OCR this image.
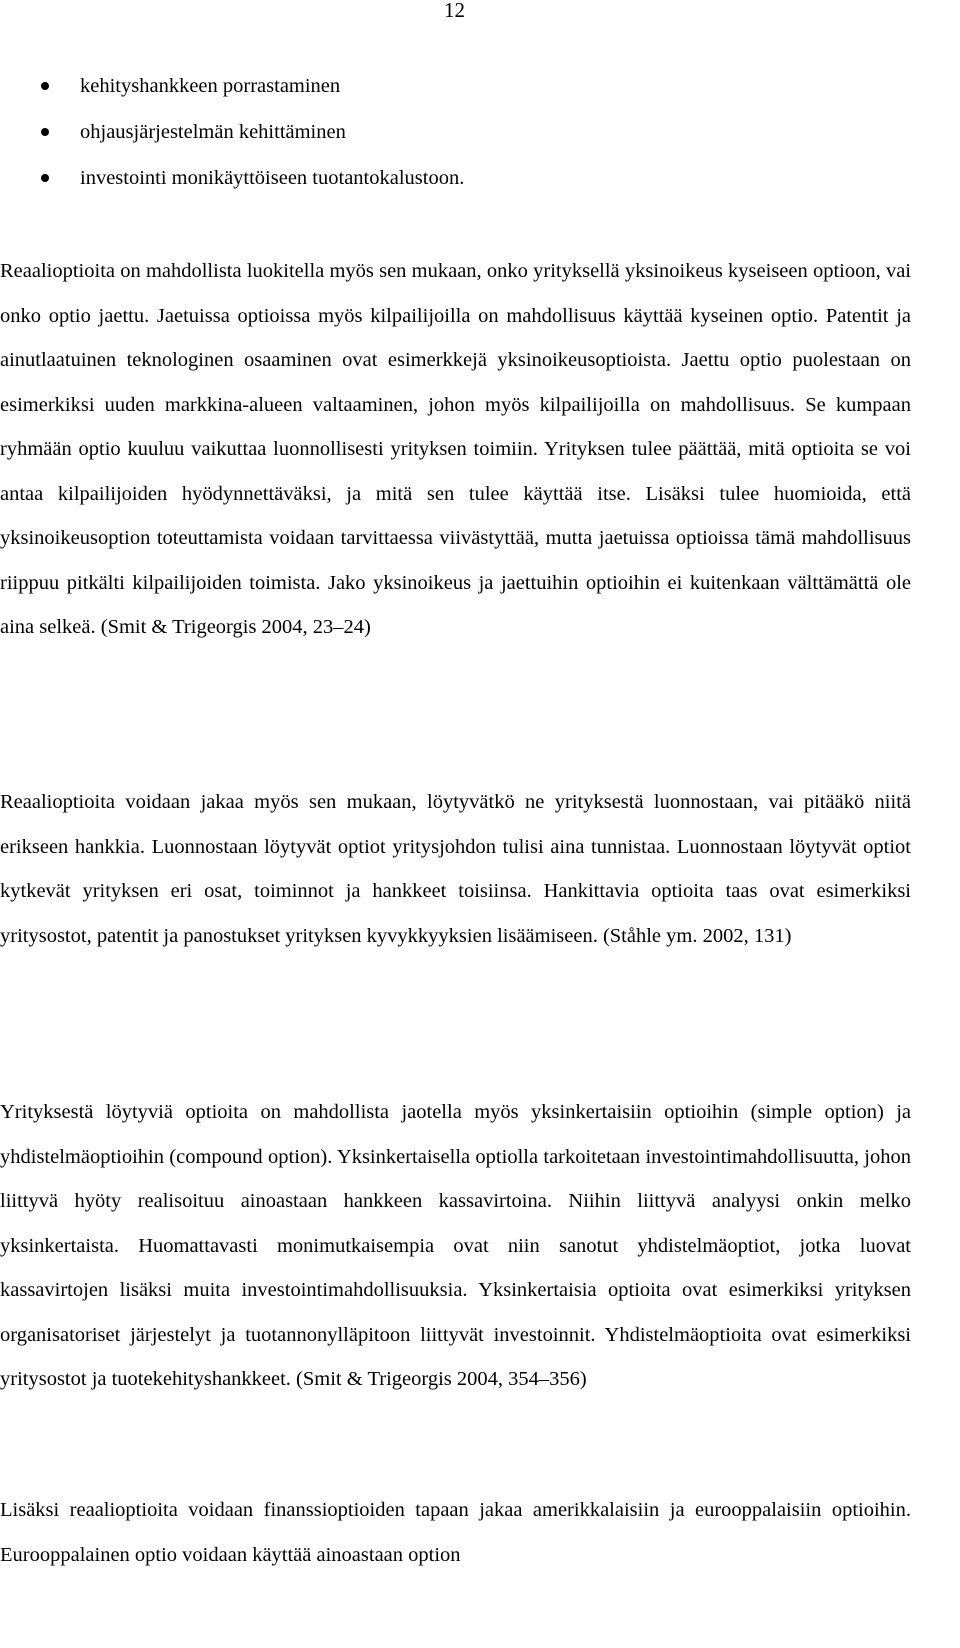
12
kehityshankkeen porrastaminen
ohjausjärjestelmän kehittäminen
investointi monikäyttöiseen tuotantokalustoon.

Reaalioptioita on mahdollista luokitella myös sen mukaan, onko yrityksellä yksinoikeus kyseiseen optioon, vai onko optio jaettu. Jaetuissa optioissa myös kilpailijoilla on mahdollisuus käyttää kyseinen optio. Patentit ja ainutlaatuinen teknologinen osaaminen ovat esimerkkejä yksinoikeusoptioista. Jaettu optio puolestaan on esimerkiksi uuden markkina-alueen valtaaminen, johon myös kilpailijoilla on mahdollisuus. Se kumpaan ryhmään optio kuuluu vaikuttaa luonnollisesti yrityksen toimiin. Yrityksen tulee päättää, mitä optioita se voi antaa kilpailijoiden hyödynnettäväksi, ja mitä sen tulee käyttää itse. Lisäksi tulee huomioida, että yksinoikeusoption toteuttamista voidaan tarvittaessa viivästyttää, mutta jaetuissa optioissa tämä mahdollisuus riippuu pitkälti kilpailijoiden toimista. Jako yksinoikeus ja jaettuihin optioihin ei kuitenkaan välttämättä ole aina selkeä. (Smit & Trigeorgis 2004, 23–24)

Reaalioptioita voidaan jakaa myös sen mukaan, löytyvätkö ne yrityksestä luonnostaan, vai pitääkö niitä erikseen hankkia. Luonnostaan löytyvät optiot yritysjohdon tulisi aina tunnistaa. Luonnostaan löytyvät optiot kytkevät yrityksen eri osat, toiminnot ja hankkeet toisiinsa. Hankittavia optioita taas ovat esimerkiksi yritysostot, patentit ja panostukset yrityksen kyvykkyyksien lisäämiseen. (Ståhle ym. 2002, 131)

Yrityksestä löytyviä optioita on mahdollista jaotella myös yksinkertaisiin optioihin (simple option) ja yhdistelmäoptioihin (compound option). Yksinkertaisella optiolla tarkoitetaan investointimahdollisuutta, johon liittyvä hyöty realisoituu ainoastaan hankkeen kassavirtoina. Niihin liittyvä analyysi onkin melko yksinkertaista. Huomattavasti monimutkaisempia ovat niin sanotut yhdistelmäoptiot, jotka luovat kassavirtojen lisäksi muita investointimahdollisuuksia. Yksinkertaisia optioita ovat esimerkiksi yrityksen organisatoriset järjestelyt ja tuotannonylläpitoon liittyvät investoinnit. Yhdistelmäoptioita ovat esimerkiksi yritysostot ja tuotekehityshankkeet. (Smit & Trigeorgis 2004, 354–356)

Lisäksi reaalioptioita voidaan finanssioptioiden tapaan jakaa amerikkalaisiin ja eurooppalaisiin optioihin. Eurooppalainen optio voidaan käyttää ainoastaan option
